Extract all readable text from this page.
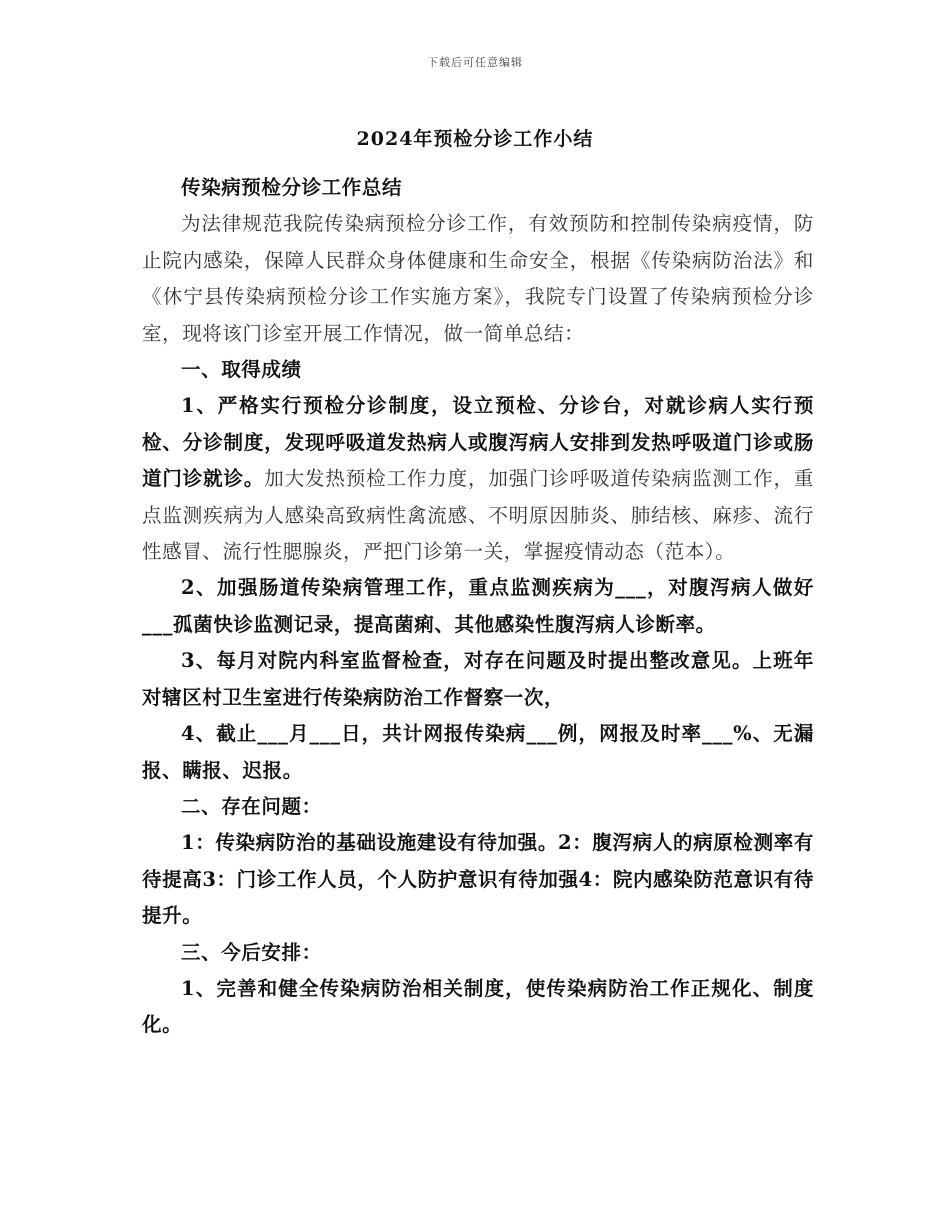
下载后可任意编辑
2024年预检分诊工作小结

传染病预检分诊工作总结

为法律规范我院传染病预检分诊工作，有效预防和控制传染病疫情，防止院内感染，保障人民群众身体健康和生命安全，根据《传染病防治法》和《休宁县传染病预检分诊工作实施方案》，我院专门设置了传染病预检分诊室，现将该门诊室开展工作情况，做一简单总结：

一、取得成绩

1、严格实行预检分诊制度，设立预检、分诊台，对就诊病人实行预检、分诊制度，发现呼吸道发热病人或腹泻病人安排到发热呼吸道门诊或肠道门诊就诊。加大发热预检工作力度，加强门诊呼吸道传染病监测工作，重点监测疾病为人感染高致病性禽流感、不明原因肺炎、肺结核、麻疹、流行性感冒、流行性腮腺炎，严把门诊第一关，掌握疫情动态（范本）。

2、加强肠道传染病管理工作，重点监测疾病为___，对腹泻病人做好___孤菌快诊监测记录，提高菌痢、其他感染性腹泻病人诊断率。

3、每月对院内科室监督检查，对存在问题及时提出整改意见。上班年对辖区村卫生室进行传染病防治工作督察一次，

4、截止___月___日，共计网报传染病___例，网报及时率___%、无漏报、瞒报、迟报。

二、存在问题：

1：传染病防治的基础设施建设有待加强。2：腹泻病人的病原检测率有待提高3：门诊工作人员，个人防护意识有待加强4：院内感染防范意识有待提升。

三、今后安排：

1、完善和健全传染病防治相关制度，使传染病防治工作正规化、制度化。
